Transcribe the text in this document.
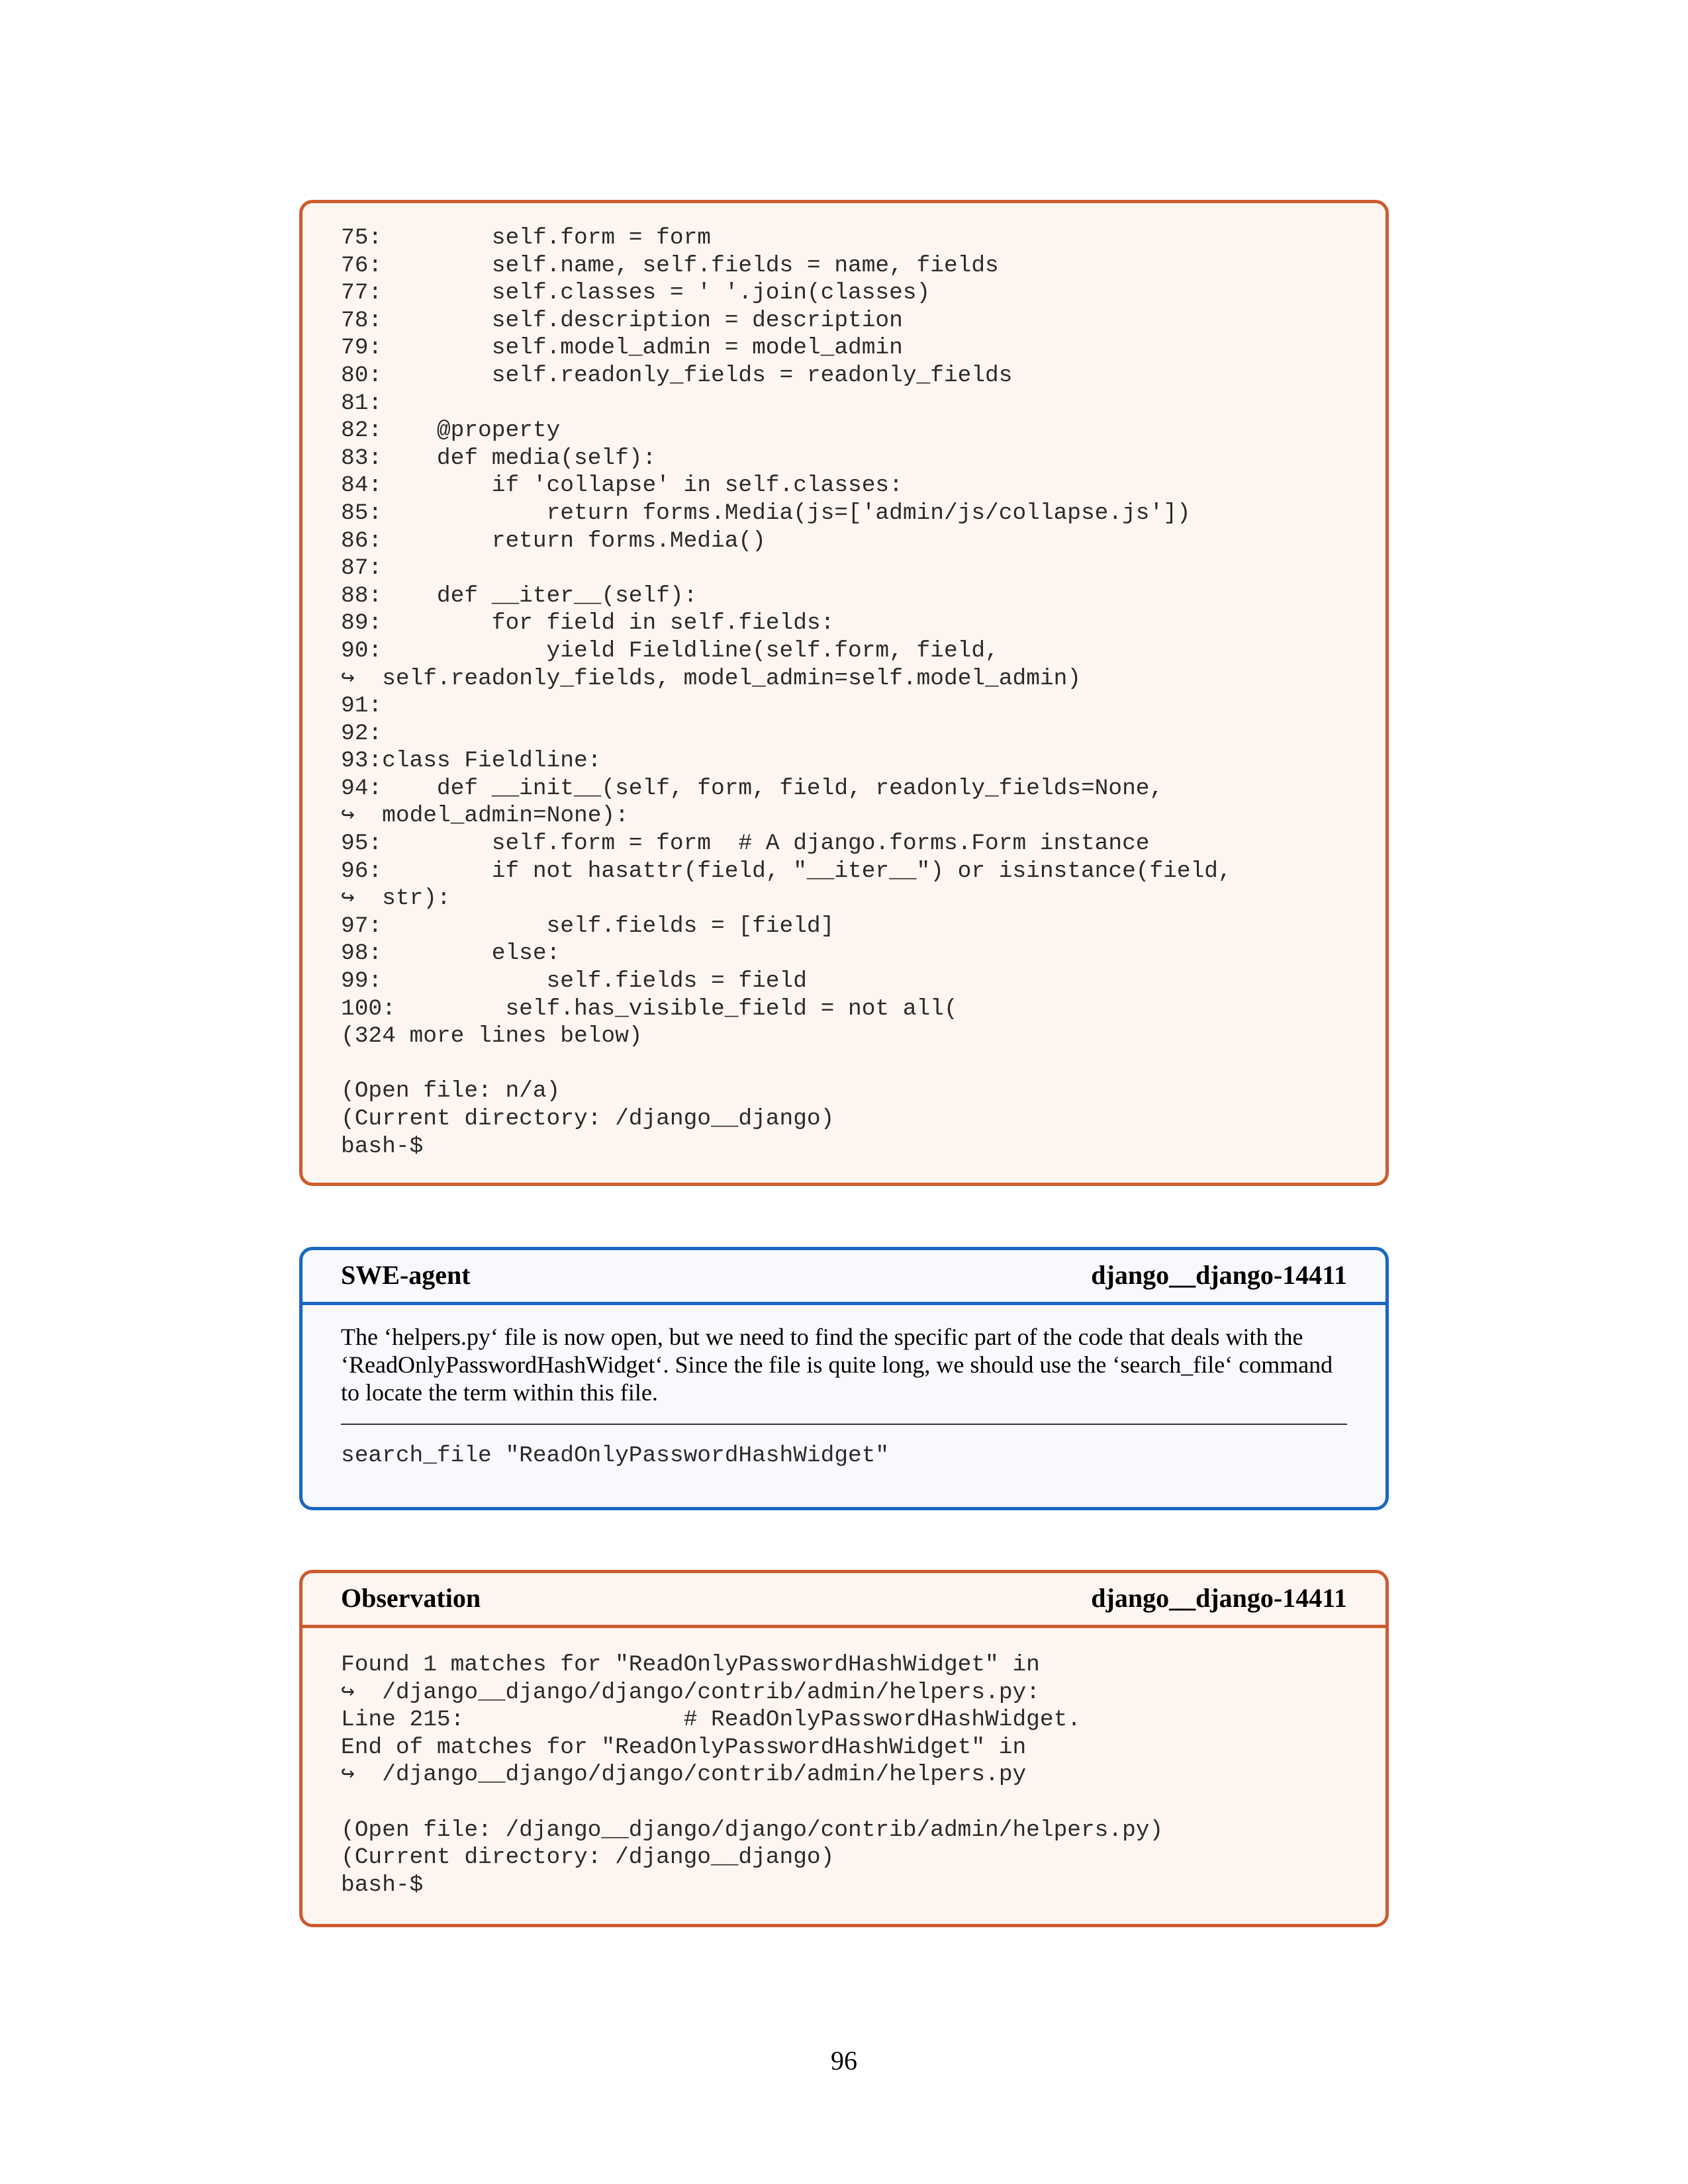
75:        self.form = form
76:        self.name, self.fields = name, fields
77:        self.classes = ' '.join(classes)
78:        self.description = description
79:        self.model_admin = model_admin
80:        self.readonly_fields = readonly_fields
81:
82:    @property
83:    def media(self):
84:        if 'collapse' in self.classes:
85:            return forms.Media(js=['admin/js/collapse.js'])
86:        return forms.Media()
87:
88:    def __iter__(self):
89:        for field in self.fields:
90:            yield Fieldline(self.form, field,
↪  self.readonly_fields, model_admin=self.model_admin)
91:
92:
93:class Fieldline:
94:    def __init__(self, form, field, readonly_fields=None,
↪  model_admin=None):
95:        self.form = form  # A django.forms.Form instance
96:        if not hasattr(field, "__iter__") or isinstance(field,
↪  str):
97:            self.fields = [field]
98:        else:
99:            self.fields = field
100:        self.has_visible_field = not all(
(324 more lines below)

(Open file: n/a)
(Current directory: /django__django)
bash-$
SWE-agent	django__django-14411

The ‘helpers.py‘ file is now open, but we need to find the specific part of the code that deals with the ‘ReadOnlyPasswordHashWidget‘. Since the file is quite long, we should use the ‘search_file‘ command to locate the term within this file.

search_file "ReadOnlyPasswordHashWidget"
Observation	django__django-14411
Found 1 matches for "ReadOnlyPasswordHashWidget" in
↪  /django__django/django/contrib/admin/helpers.py:
Line 215:                # ReadOnlyPasswordHashWidget.
End of matches for "ReadOnlyPasswordHashWidget" in
↪  /django__django/django/contrib/admin/helpers.py

(Open file: /django__django/django/contrib/admin/helpers.py)
(Current directory: /django__django)
bash-$
96
